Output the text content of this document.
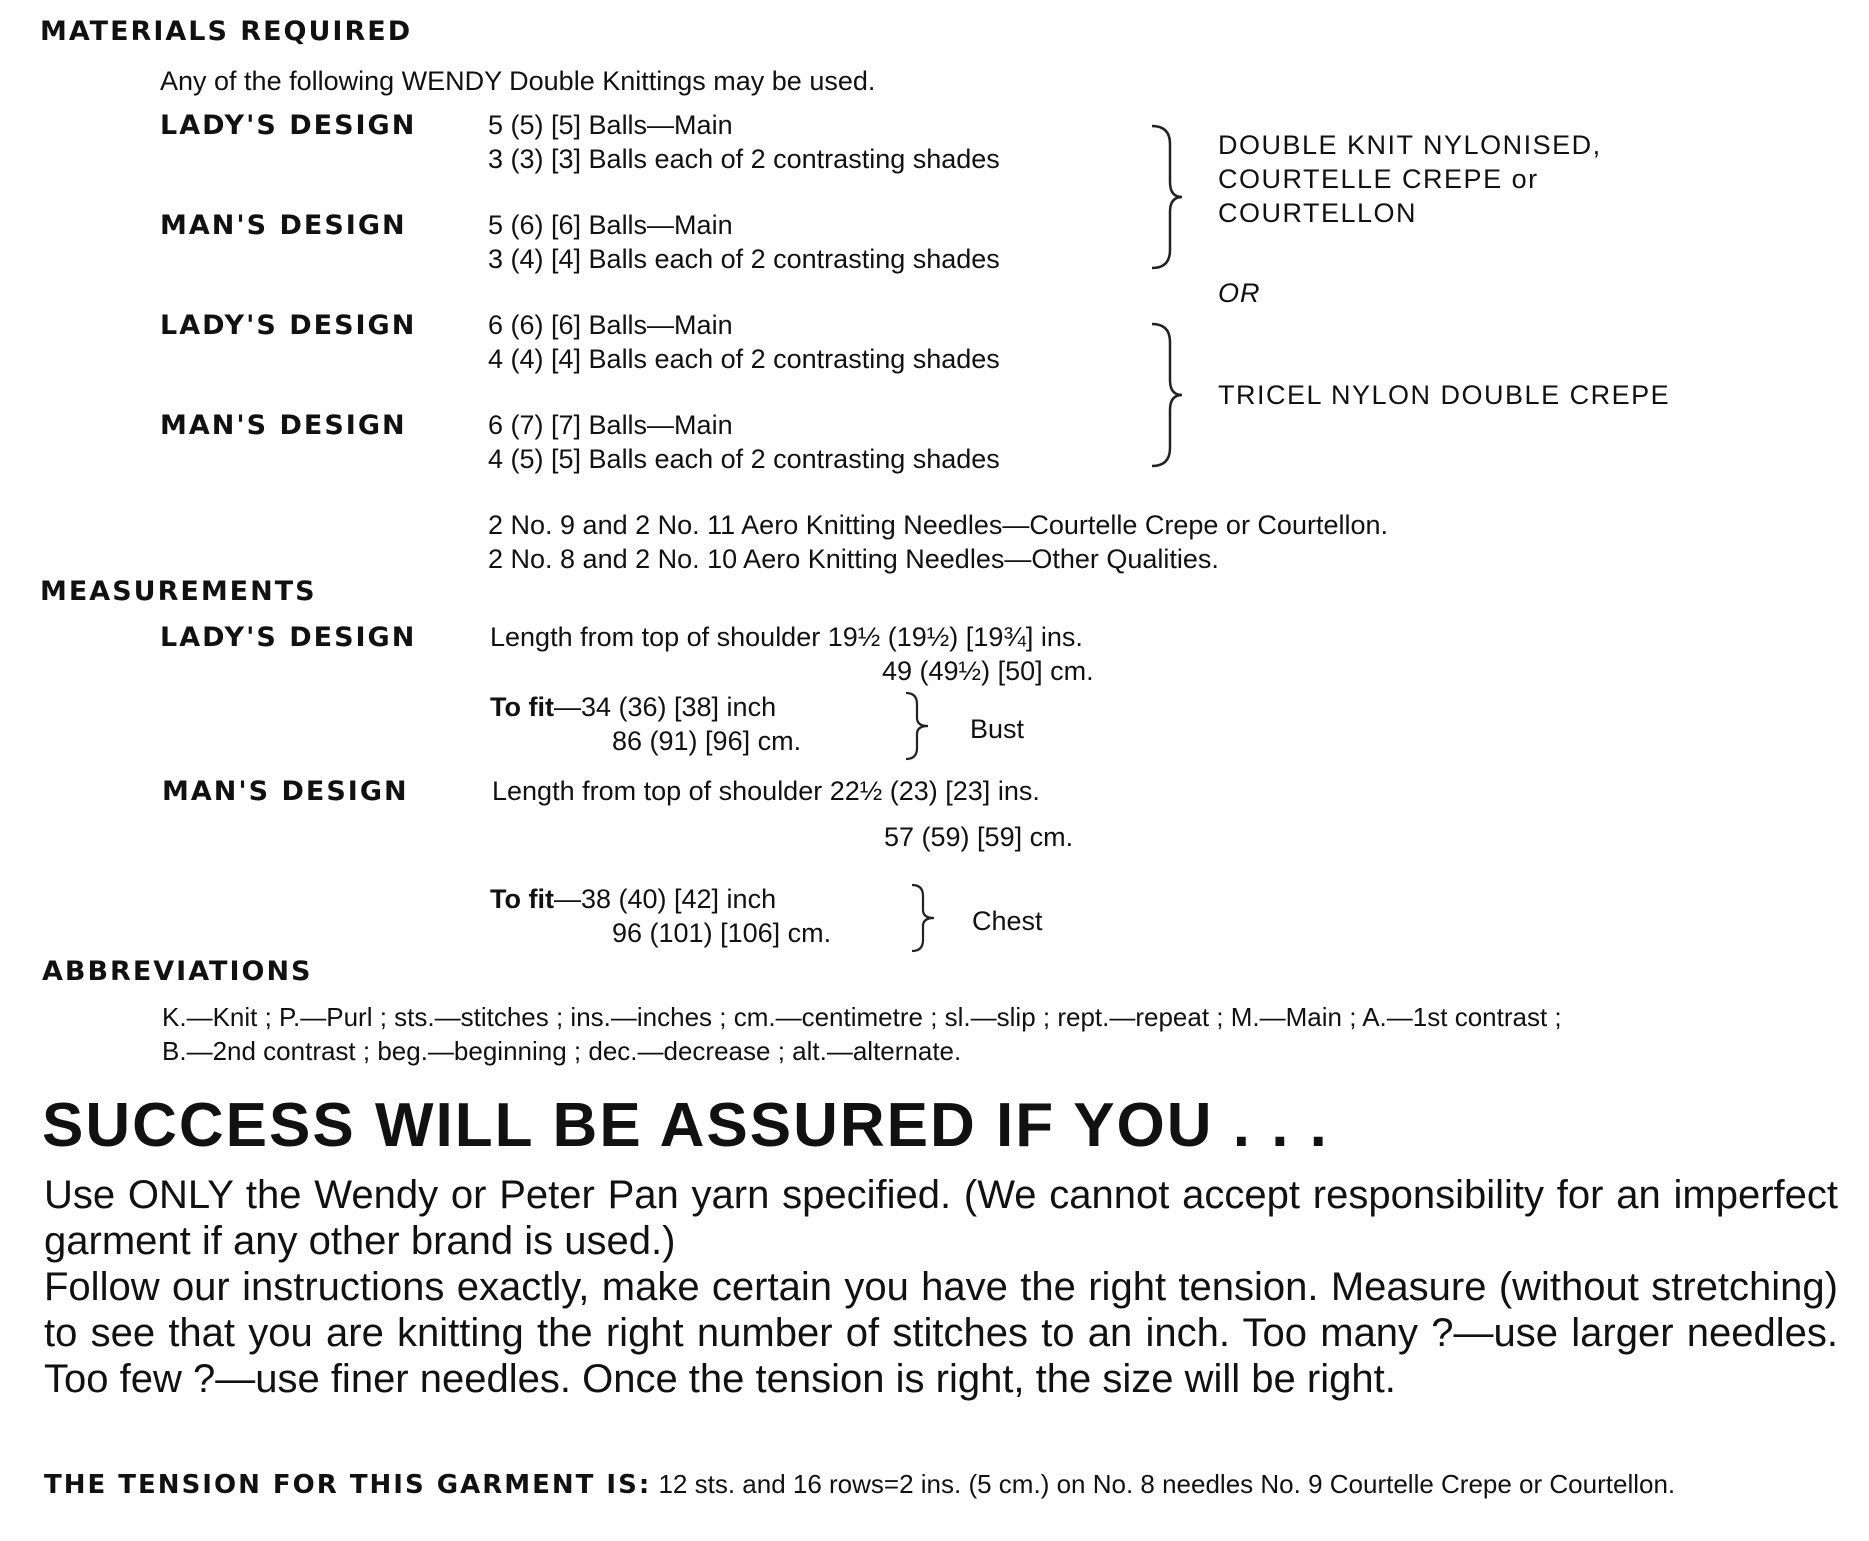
MATERIALS REQUIRED
Any of the following WENDY Double Knittings may be used.
LADY'S DESIGN	5 (5) [5] Balls—Main
3 (3) [3] Balls each of 2 contrasting shades
MAN'S DESIGN	5 (6) [6] Balls—Main
3 (4) [4] Balls each of 2 contrasting shades
DOUBLE KNIT NYLONISED,
COURTELLE CREPE or
COURTELLON
OR
LADY'S DESIGN	6 (6) [6] Balls—Main
4 (4) [4] Balls each of 2 contrasting shades
MAN'S DESIGN	6 (7) [7] Balls—Main
4 (5) [5] Balls each of 2 contrasting shades
TRICEL NYLON DOUBLE CREPE
2 No. 9 and 2 No. 11 Aero Knitting Needles—Courtelle Crepe or Courtellon.
2 No. 8 and 2 No. 10 Aero Knitting Needles—Other Qualities.
MEASUREMENTS
LADY'S DESIGN	Length from top of shoulder 19½ (19½) [19¾] ins.
49 (49½) [50] cm.
To fit—34 (36) [38] inch
86 (91) [96] cm.	Bust
MAN'S DESIGN	Length from top of shoulder 22½ (23) [23] ins.
57 (59) [59] cm.
To fit—38 (40) [42] inch
96 (101) [106] cm.	Chest
ABBREVIATIONS
K.—Knit ; P.—Purl ; sts.—stitches ; ins.—inches ; cm.—centimetre ; sl.—slip ; rept.—repeat ; M.—Main ; A.—1st contrast ;
B.—2nd contrast ; beg.—beginning ; dec.—decrease ; alt.—alternate.
SUCCESS WILL BE ASSURED IF YOU . . .
Use ONLY the Wendy or Peter Pan yarn specified. (We cannot accept responsibility for an imperfect garment if any other brand is used.)
Follow our instructions exactly, make certain you have the right tension. Measure (without stretching) to see that you are knitting the right number of stitches to an inch. Too many ?—use larger needles. Too few ?—use finer needles. Once the tension is right, the size will be right.
THE TENSION FOR THIS GARMENT IS: 12 sts. and 16 rows=2 ins. (5 cm.) on No. 8 needles No. 9 Courtelle Crepe or Courtellon.
